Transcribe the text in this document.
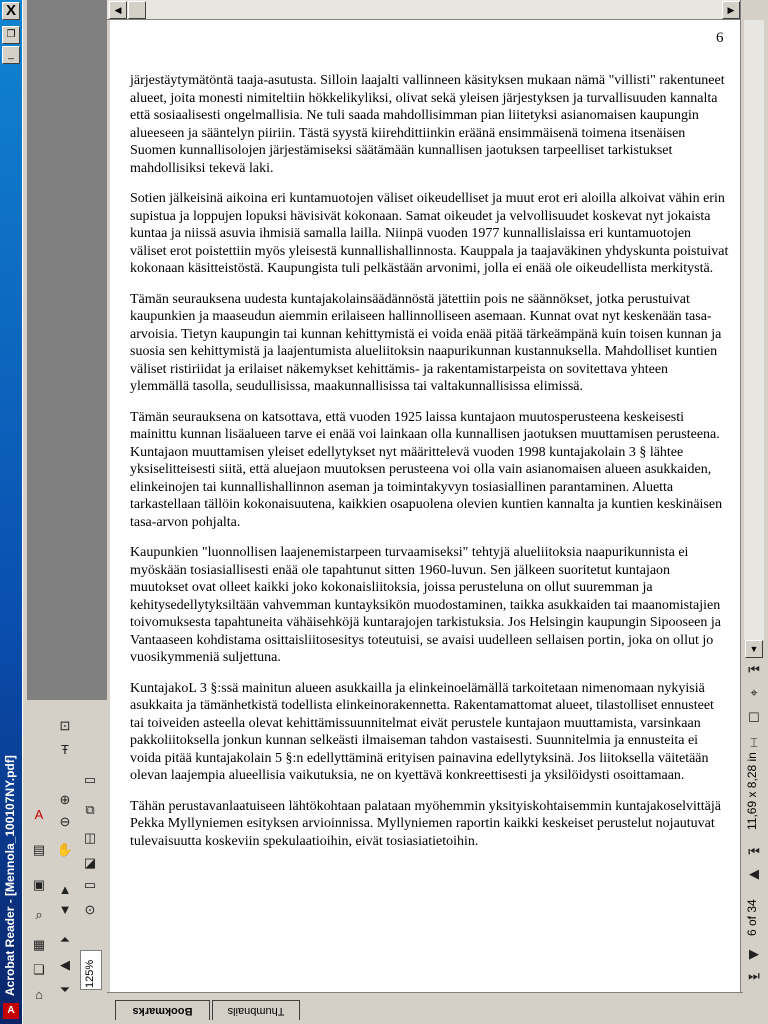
X
A
Acrobat Reader - [Mennola_100107NY.pdf]
❐
_
⊡
Ŧ
⊕
⊖
✋
A
▤
▣
⌕
▦
❏
⌂
▲
▼
⏶
◀
⏷
▭
⧉
◫
◪
▭
⊙
125%
◀	▶
6

järjestäytymätöntä taaja-asutusta. Silloin laajalti vallinneen käsityksen mukaan nämä "villisti" rakentuneet alueet, joita monesti nimiteltiin hökkelikyliksi, olivat sekä yleisen järjestyksen ja turvallisuuden kannalta että sosiaalisesti ongelmallisia. Ne tuli saada mahdollisimman pian liitetyksi asianomaisen kaupungin alueeseen ja sääntelyn piiriin. Tästä syystä kiirehdittiinkin eräänä ensimmäisenä toimena itsenäisen Suomen kunnallisolojen järjestämiseksi säätämään kunnallisen jaotuksen tarpeelliset tarkistukset mahdollisiksi tekevä laki.

Sotien jälkeisinä aikoina eri kuntamuotojen väliset oikeudelliset ja muut erot eri aloilla alkoivat vähin erin supistua ja loppujen lopuksi hävisivät kokonaan. Samat oikeudet ja velvollisuudet koskevat nyt jokaista kuntaa ja niissä asuvia ihmisiä samalla lailla. Niinpä vuoden 1977 kunnallislaissa eri kuntamuotojen väliset erot poistettiin myös yleisestä kunnallishallinnosta. Kauppala ja taajaväkinen yhdyskunta poistuivat kokonaan käsitteistöstä. Kaupungista tuli pelkästään arvonimi, jolla ei enää ole oikeudellista merkitystä.

Tämän seurauksena uudesta kuntajakolainsäädännöstä jätettiin pois ne säännökset, jotka perustuivat kaupunkien ja maaseudun aiemmin erilaiseen hallinnolliseen asemaan. Kunnat ovat nyt keskenään tasa-arvoisia. Tietyn kaupungin tai kunnan kehittymistä ei voida enää pitää tärkeämpänä kuin toisen kunnan ja suosia sen kehittymistä ja laajentumista alueliitoksin naapurikunnan kustannuksella. Mahdolliset kuntien väliset ristiriidat ja erilaiset näkemykset kehittämis- ja rakentamistarpeista on sovitettava yhteen ylemmällä tasolla, seudullisissa, maakunnallisissa tai valtakunnallisissa elimissä.

Tämän seurauksena on katsottava, että vuoden 1925 laissa kuntajaon muutosperusteena keskeisesti mainittu kunnan lisäalueen tarve ei enää voi lainkaan olla kunnallisen jaotuksen muuttamisen perusteena. Kuntajaon muuttamisen yleiset edellytykset nyt määrittelevä vuoden 1998 kuntajakolain 3 § lähtee yksiselitteisesti siitä, että aluejaon muutoksen perusteena voi olla vain asianomaisen alueen asukkaiden, elinkeinojen tai kunnallishallinnon aseman ja toimintakyvyn tosiasiallinen parantaminen. Aluetta tarkastellaan tällöin kokonaisuutena, kaikkien osapuolena olevien kuntien kannalta ja kuntien keskinäisen tasa-arvon pohjalta.

Kaupunkien "luonnollisen laajenemistarpeen turvaamiseksi" tehtyjä alueliitoksia naapurikunnista ei myöskään tosiasiallisesti enää ole tapahtunut sitten 1960-luvun. Sen jälkeen suoritetut kuntajaon muutokset ovat olleet kaikki joko kokonaisliitoksia, joissa perusteluna on ollut suuremman ja kehitysedellytyksiltään vahvemman kuntayksikön muodostaminen, taikka asukkaiden tai maanomistajien toivomuksesta tapahtuneita vähäisehköjä kuntarajojen tarkistuksia. Jos Helsingin kaupungin Sipooseen ja Vantaaseen kohdistama osittaisliitosesitys toteutuisi, se avaisi uudelleen sellaisen portin, joka on ollut jo vuosikymmeniä suljettuna.

KuntajakoL 3 §:ssä mainitun alueen asukkailla ja elinkeinoelämällä tarkoitetaan nimenomaan nykyisiä asukkaita ja tämänhetkistä todellista elinkeinorakennetta. Rakentamattomat alueet, tilastolliset ennusteet tai toiveiden asteella olevat kehittämissuunnitelmat eivät perustele kuntajaon muuttamista, varsinkaan pakkoliitoksella jonkun kunnan selkeästi ilmaiseman tahdon vastaisesti. Suunnitelmia ja ennusteita ei voida pitää kuntajakolain 5 §:n edellyttäminä erityisen painavina edellytyksinä. Jos liitoksella väitetään olevan laajempia alueellisia vaikutuksia, ne on kyettävä konkreettisesti ja yksilöidysti osoittamaan.

Tähän perustavanlaatuiseen lähtökohtaan palataan myöhemmin yksityiskohtaisemmin kuntajakoselvittäjä Pekka Myllyniemen esityksen arvioinnissa. Myllyniemen raportin kaikki keskeiset perustelut nojautuvat tulevaisuutta koskeviin spekulaatioihin, eivät tosiasiatietoihin.

▼
⏮
⌖
☐
⌶
11,69 x 8,28 in
⏮
◀
6 of 34
▶
⏭
Bookmarks	Thumbnails
